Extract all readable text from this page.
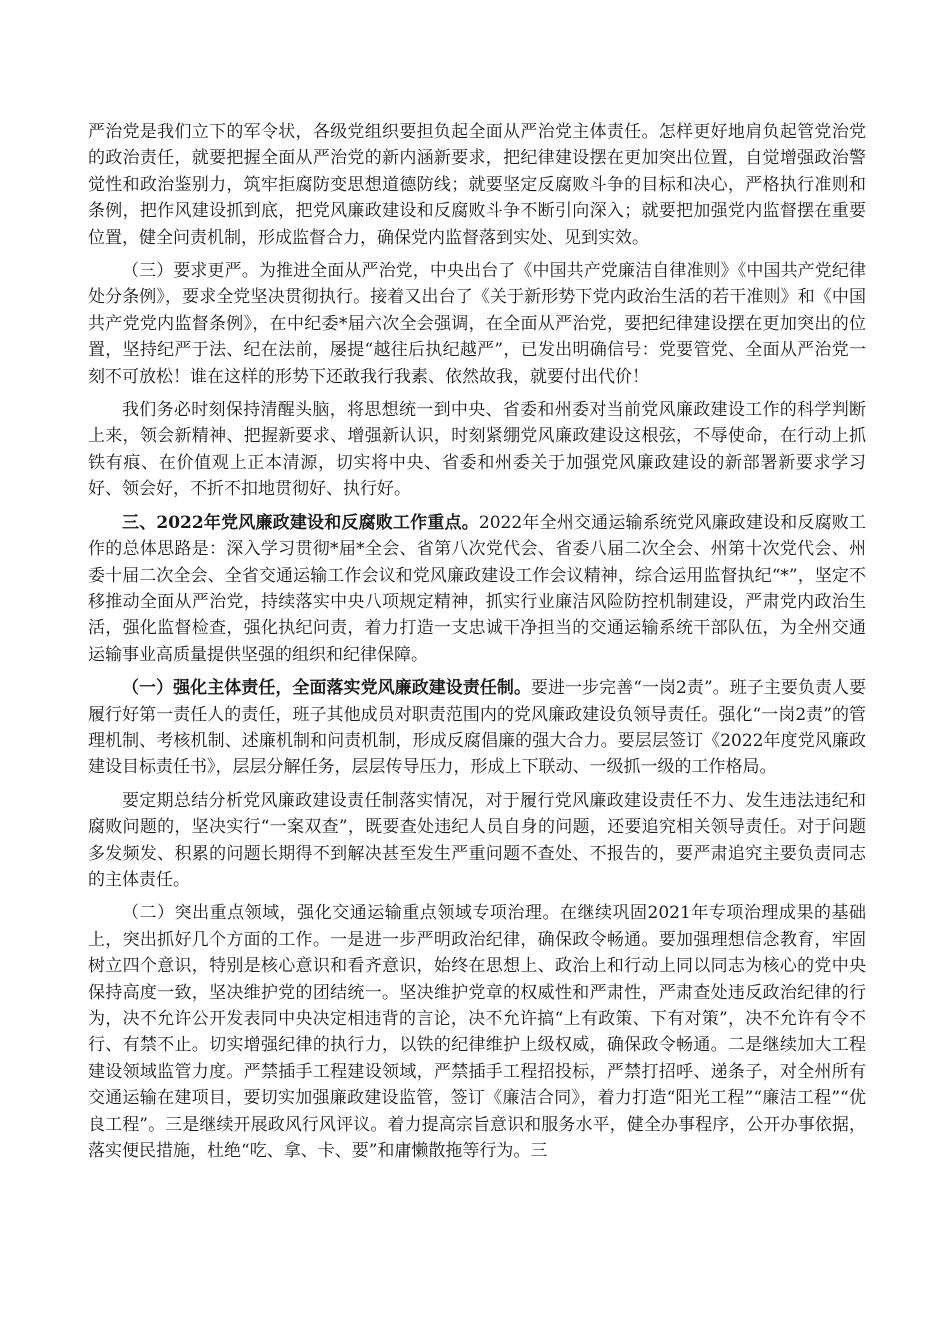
严治党是我们立下的军令状，各级党组织要担负起全面从严治党主体责任。怎样更好地肩负起管党治党的政治责任，就要把握全面从严治党的新内涵新要求，把纪律建设摆在更加突出位置，自觉增强政治警觉性和政治鉴别力，筑牢拒腐防变思想道德防线；就要坚定反腐败斗争的目标和决心，严格执行准则和条例，把作风建设抓到底，把党风廉政建设和反腐败斗争不断引向深入；就要把加强党内监督摆在重要位置，健全问责机制，形成监督合力，确保党内监督落到实处、见到实效。

（三）要求更严。为推进全面从严治党，中央出台了《中国共产党廉洁自律准则》《中国共产党纪律处分条例》，要求全党坚决贯彻执行。接着又出台了《关于新形势下党内政治生活的若干准则》和《中国共产党党内监督条例》，在中纪委*届六次全会强调，在全面从严治党，要把纪律建设摆在更加突出的位置，坚持纪严于法、纪在法前，屡提“越往后执纪越严”，已发出明确信号：党要管党、全面从严治党一刻不可放松！谁在这样的形势下还敢我行我素、依然故我，就要付出代价！

我们务必时刻保持清醒头脑，将思想统一到中央、省委和州委对当前党风廉政建设工作的科学判断上来，领会新精神、把握新要求、增强新认识，时刻紧绷党风廉政建设这根弦，不辱使命，在行动上抓铁有痕、在价值观上正本清源，切实将中央、省委和州委关于加强党风廉政建设的新部署新要求学习好、领会好，不折不扣地贯彻好、执行好。

三、2022年党风廉政建设和反腐败工作重点。2022年全州交通运输系统党风廉政建设和反腐败工作的总体思路是：深入学习贯彻*届*全会、省第八次党代会、省委八届二次全会、州第十次党代会、州委十届二次全会、全省交通运输工作会议和党风廉政建设工作会议精神，综合运用监督执纪“*”，坚定不移推动全面从严治党，持续落实中央八项规定精神，抓实行业廉洁风险防控机制建设，严肃党内政治生活，强化监督检查，强化执纪问责，着力打造一支忠诚干净担当的交通运输系统干部队伍，为全州交通运输事业高质量提供坚强的组织和纪律保障。

（一）强化主体责任，全面落实党风廉政建设责任制。要进一步完善“一岗2责”。班子主要负责人要履行好第一责任人的责任，班子其他成员对职责范围内的党风廉政建设负领导责任。强化“一岗2责”的管理机制、考核机制、述廉机制和问责机制，形成反腐倡廉的强大合力。要层层签订《2022年度党风廉政建设目标责任书》，层层分解任务，层层传导压力，形成上下联动、一级抓一级的工作格局。

要定期总结分析党风廉政建设责任制落实情况，对于履行党风廉政建设责任不力、发生违法违纪和腐败问题的，坚决实行“一案双查”，既要查处违纪人员自身的问题，还要追究相关领导责任。对于问题多发频发、积累的问题长期得不到解决甚至发生严重问题不查处、不报告的，要严肃追究主要负责同志的主体责任。

（二）突出重点领域，强化交通运输重点领域专项治理。在继续巩固2021年专项治理成果的基础上，突出抓好几个方面的工作。一是进一步严明政治纪律，确保政令畅通。要加强理想信念教育，牢固树立四个意识，特别是核心意识和看齐意识，始终在思想上、政治上和行动上同以同志为核心的党中央保持高度一致，坚决维护党的团结统一。坚决维护党章的权威性和严肃性，严肃查处违反政治纪律的行为，决不允许公开发表同中央决定相违背的言论，决不允许搞“上有政策、下有对策”，决不允许有令不行、有禁不止。切实增强纪律的执行力，以铁的纪律维护上级权威，确保政令畅通。二是继续加大工程建设领域监管力度。严禁插手工程建设领域，严禁插手工程招投标，严禁打招呼、递条子，对全州所有交通运输在建项目，要切实加强廉政建设监管，签订《廉洁合同》，着力打造“阳光工程”“廉洁工程”“优良工程”。三是继续开展政风行风评议。着力提高宗旨意识和服务水平，健全办事程序，公开办事依据，落实便民措施，杜绝“吃、拿、卡、要”和庸懒散拖等行为。三
